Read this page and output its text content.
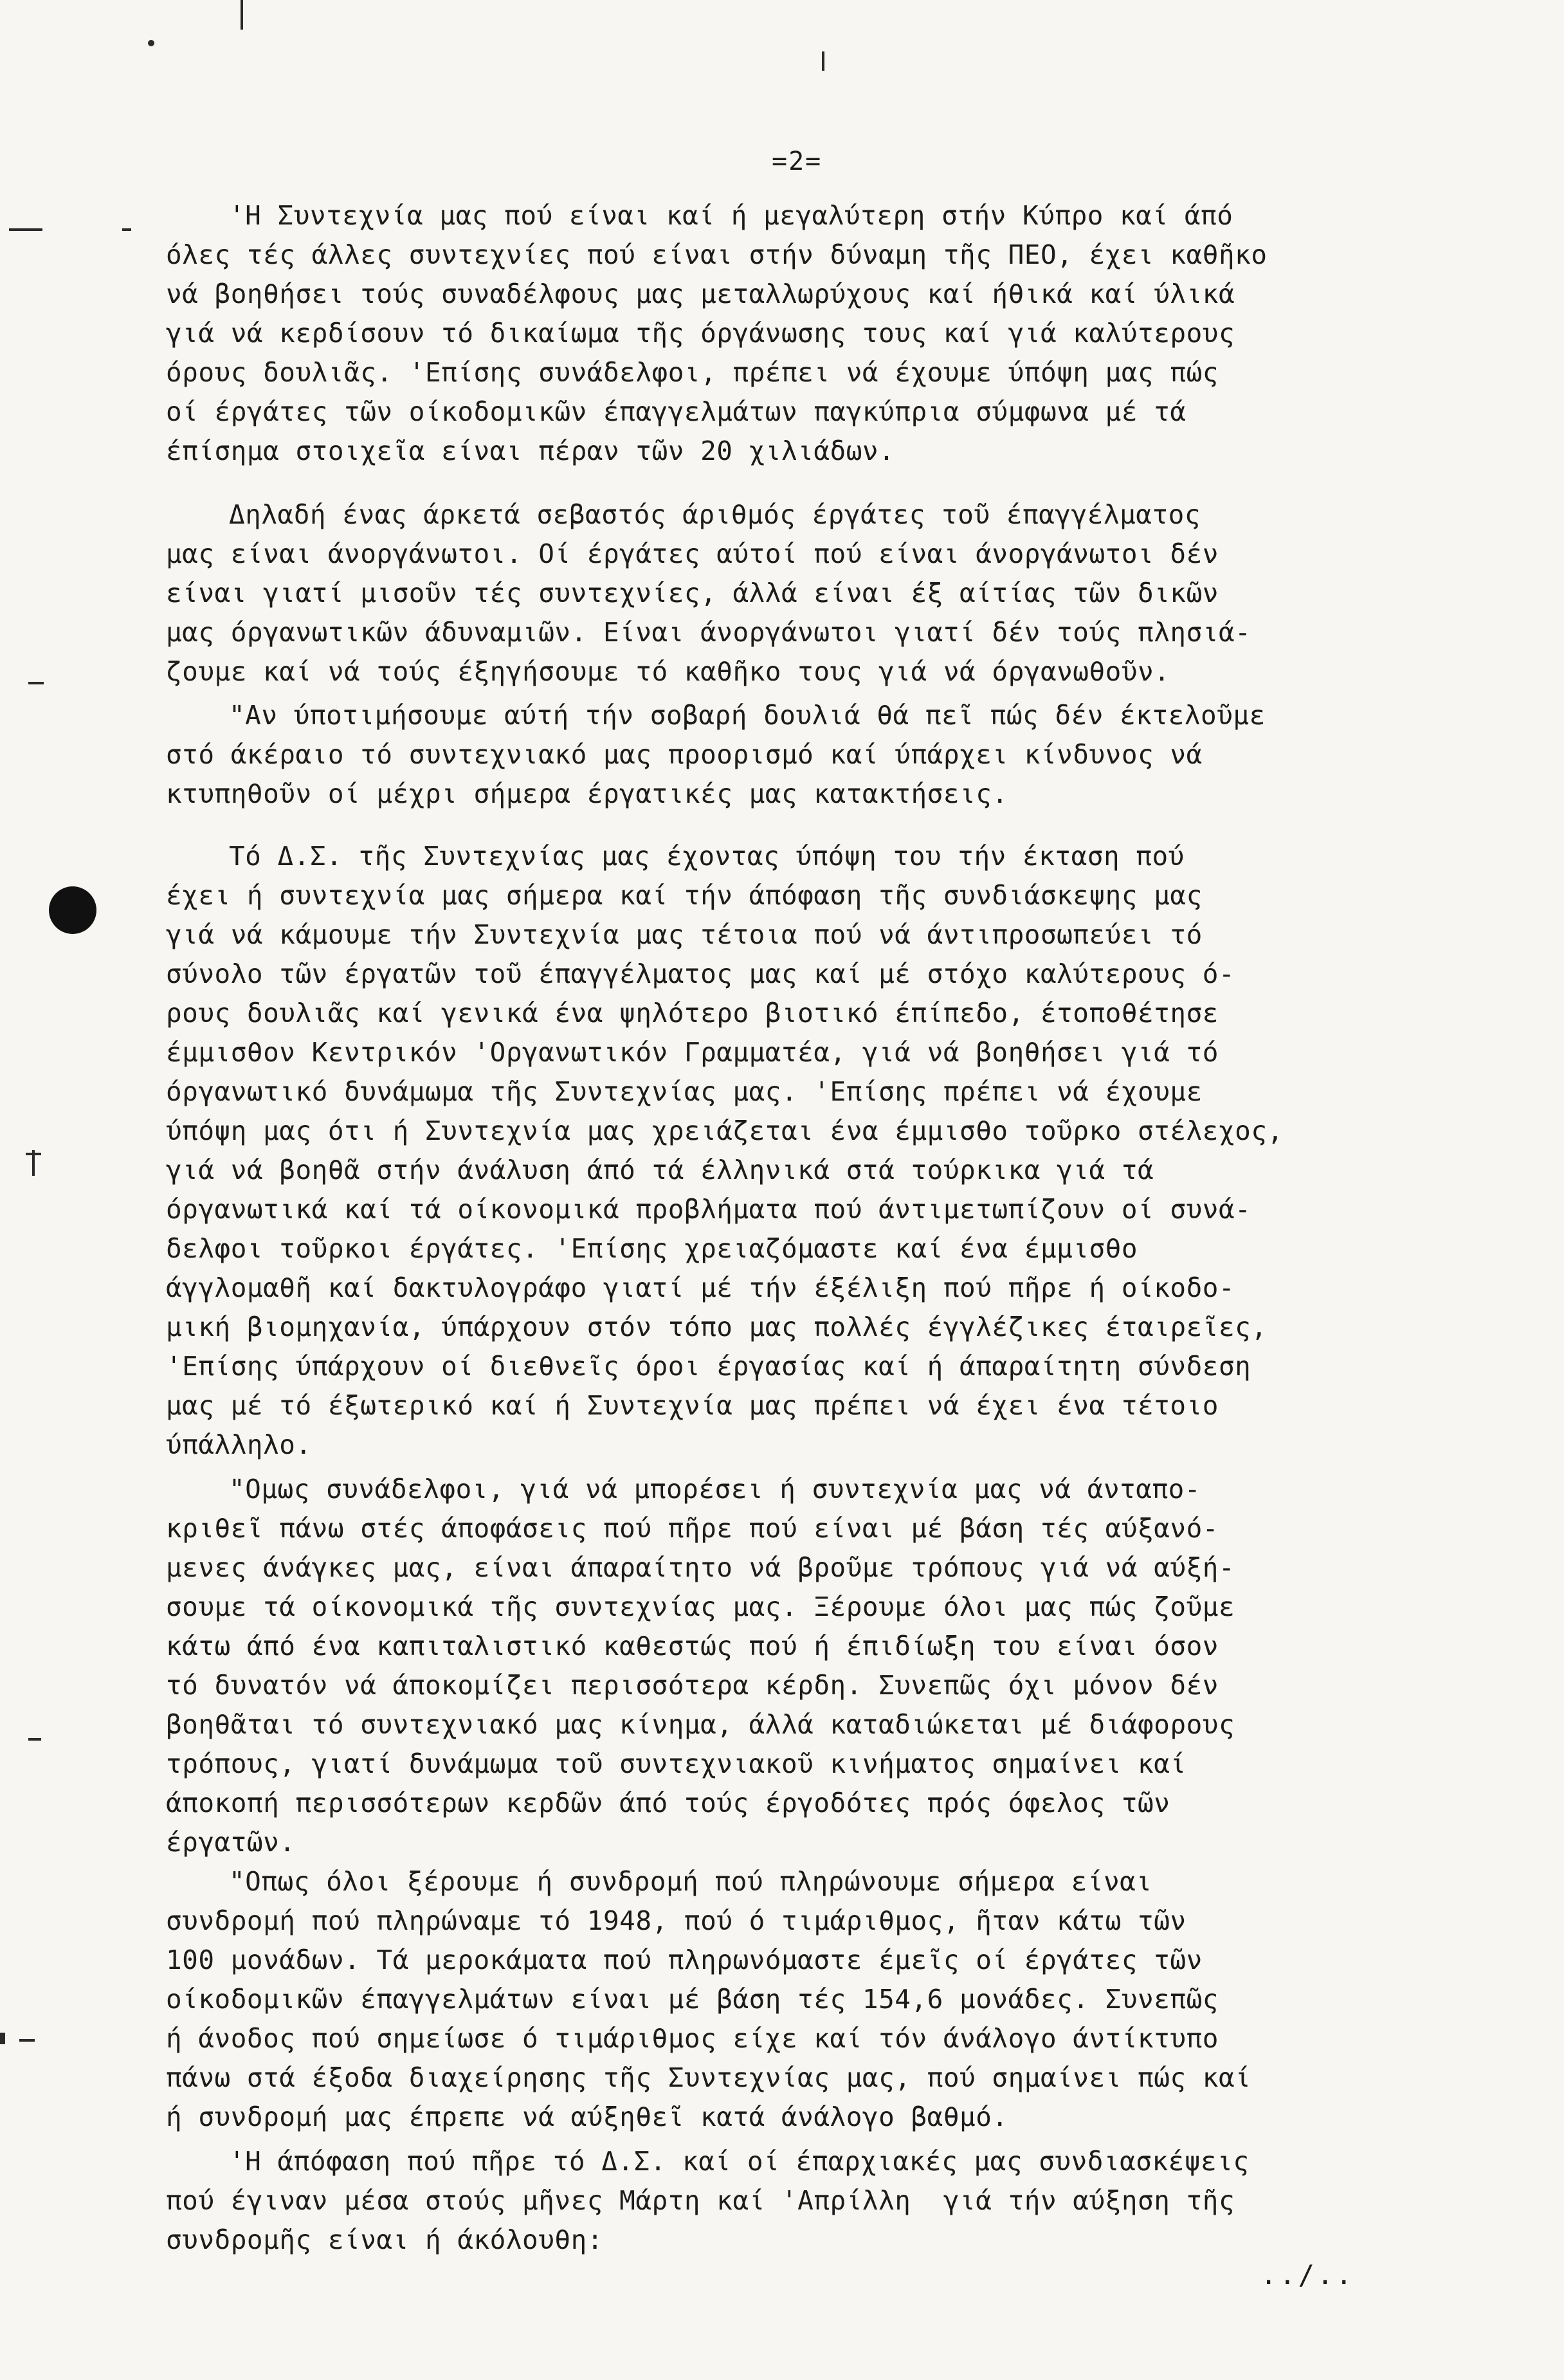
=2=
'Η Συντεχνία μας πού είναι καί ή μεγαλύτερη στήν Κύπρο καί άπό
όλες τές άλλες συντεχνίες πού είναι στήν δύναμη τῆς ΠΕΟ, έχει καθῆκο
νά βοηθήσει τούς συναδέλφους μας μεταλλωρύχους καί ήθικά καί ύλικά
γιά νά κερδίσουν τό δικαίωμα τῆς όργάνωσης τους καί γιά καλύτερους
όρους δουλιᾶς. 'Επίσης συνάδελφοι, πρέπει νά έχουμε ύπόψη μας πώς
οί έργάτες τῶν οίκοδομικῶν έπαγγελμάτων παγκύπρια σύμφωνα μέ τά
έπίσημα στοιχεῖα είναι πέραν τῶν 20 χιλιάδων.
Δηλαδή ένας άρκετά σεβαστός άριθμός έργάτες τοῦ έπαγγέλματος
μας είναι άνοργάνωτοι. Οί έργάτες αύτοί πού είναι άνοργάνωτοι δέν
είναι γιατί μισοῦν τές συντεχνίες, άλλά είναι έξ αίτίας τῶν δικῶν
μας όργανωτικῶν άδυναμιῶν. Είναι άνοργάνωτοι γιατί δέν τούς πλησιά-
ζουμε καί νά τούς έξηγήσουμε τό καθῆκο τους γιά νά όργανωθοῦν.
"Αν ύποτιμήσουμε αύτή τήν σοβαρή δουλιά θά πεῖ πώς δέν έκτελοῦμε
στό άκέραιο τό συντεχνιακό μας προορισμό καί ύπάρχει κίνδυνος νά
κτυπηθοῦν οί μέχρι σήμερα έργατικές μας κατακτήσεις.
Τό Δ.Σ. τῆς Συντεχνίας μας έχοντας ύπόψη του τήν έκταση πού
έχει ή συντεχνία μας σήμερα καί τήν άπόφαση τῆς συνδιάσκεψης μας
γιά νά κάμουμε τήν Συντεχνία μας τέτοια πού νά άντιπροσωπεύει τό
σύνολο τῶν έργατῶν τοῦ έπαγγέλματος μας καί μέ στόχο καλύτερους ό-
ρους δουλιᾶς καί γενικά ένα ψηλότερο βιοτικό έπίπεδο, έτοποθέτησε
έμμισθον Κεντρικόν 'Οργανωτικόν Γραμματέα, γιά νά βοηθήσει γιά τό
όργανωτικό δυνάμωμα τῆς Συντεχνίας μας. 'Επίσης πρέπει νά έχουμε
ύπόψη μας ότι ή Συντεχνία μας χρειάζεται ένα έμμισθο τοῦρκο στέλεχος,
γιά νά βοηθᾶ στήν άνάλυση άπό τά έλληνικά στά τούρκικα γιά τά
όργανωτικά καί τά οίκονομικά προβλήματα πού άντιμετωπίζουν οί συνά-
δελφοι τοῦρκοι έργάτες. 'Επίσης χρειαζόμαστε καί ένα έμμισθο
άγγλομαθῆ καί δακτυλογράφο γιατί μέ τήν έξέλιξη πού πῆρε ή οίκοδο-
μική βιομηχανία, ύπάρχουν στόν τόπο μας πολλές έγγλέζικες έταιρεῖες,
'Επίσης ύπάρχουν οί διεθνεῖς όροι έργασίας καί ή άπαραίτητη σύνδεση
μας μέ τό έξωτερικό καί ή Συντεχνία μας πρέπει νά έχει ένα τέτοιο
ύπάλληλο.
"Ομως συνάδελφοι, γιά νά μπορέσει ή συντεχνία μας νά άνταπο-
κριθεῖ πάνω στές άποφάσεις πού πῆρε πού είναι μέ βάση τές αύξανό-
μενες άνάγκες μας, είναι άπαραίτητο νά βροῦμε τρόπους γιά νά αύξή-
σουμε τά οίκονομικά τῆς συντεχνίας μας. Ξέρουμε όλοι μας πώς ζοῦμε
κάτω άπό ένα καπιταλιστικό καθεστώς πού ή έπιδίωξη του είναι όσον
τό δυνατόν νά άποκομίζει περισσότερα κέρδη. Συνεπῶς όχι μόνον δέν
βοηθᾶται τό συντεχνιακό μας κίνημα, άλλά καταδιώκεται μέ διάφορους
τρόπους, γιατί δυνάμωμα τοῦ συντεχνιακοῦ κινήματος σημαίνει καί
άποκοπή περισσότερων κερδῶν άπό τούς έργοδότες πρός όφελος τῶν
έργατῶν.
"Οπως όλοι ξέρουμε ή συνδρομή πού πληρώνουμε σήμερα είναι
συνδρομή πού πληρώναμε τό 1948, πού ό τιμάριθμος, ῆταν κάτω τῶν
100 μονάδων. Τά μεροκάματα πού πληρωνόμαστε έμεῖς οί έργάτες τῶν
οίκοδομικῶν έπαγγελμάτων είναι μέ βάση τές 154,6 μονάδες. Συνεπῶς
ή άνοδος πού σημείωσε ό τιμάριθμος είχε καί τόν άνάλογο άντίκτυπο
πάνω στά έξοδα διαχείρησης τῆς Συντεχνίας μας, πού σημαίνει πώς καί
ή συνδρομή μας έπρεπε νά αύξηθεῖ κατά άνάλογο βαθμό.
'Η άπόφαση πού πῆρε τό Δ.Σ. καί οί έπαρχιακές μας συνδιασκέψεις
πού έγιναν μέσα στούς μῆνες Μάρτη καί 'Απρίλλη  γιά τήν αύξηση τῆς
συνδρομῆς είναι ή άκόλουθη:
../..
